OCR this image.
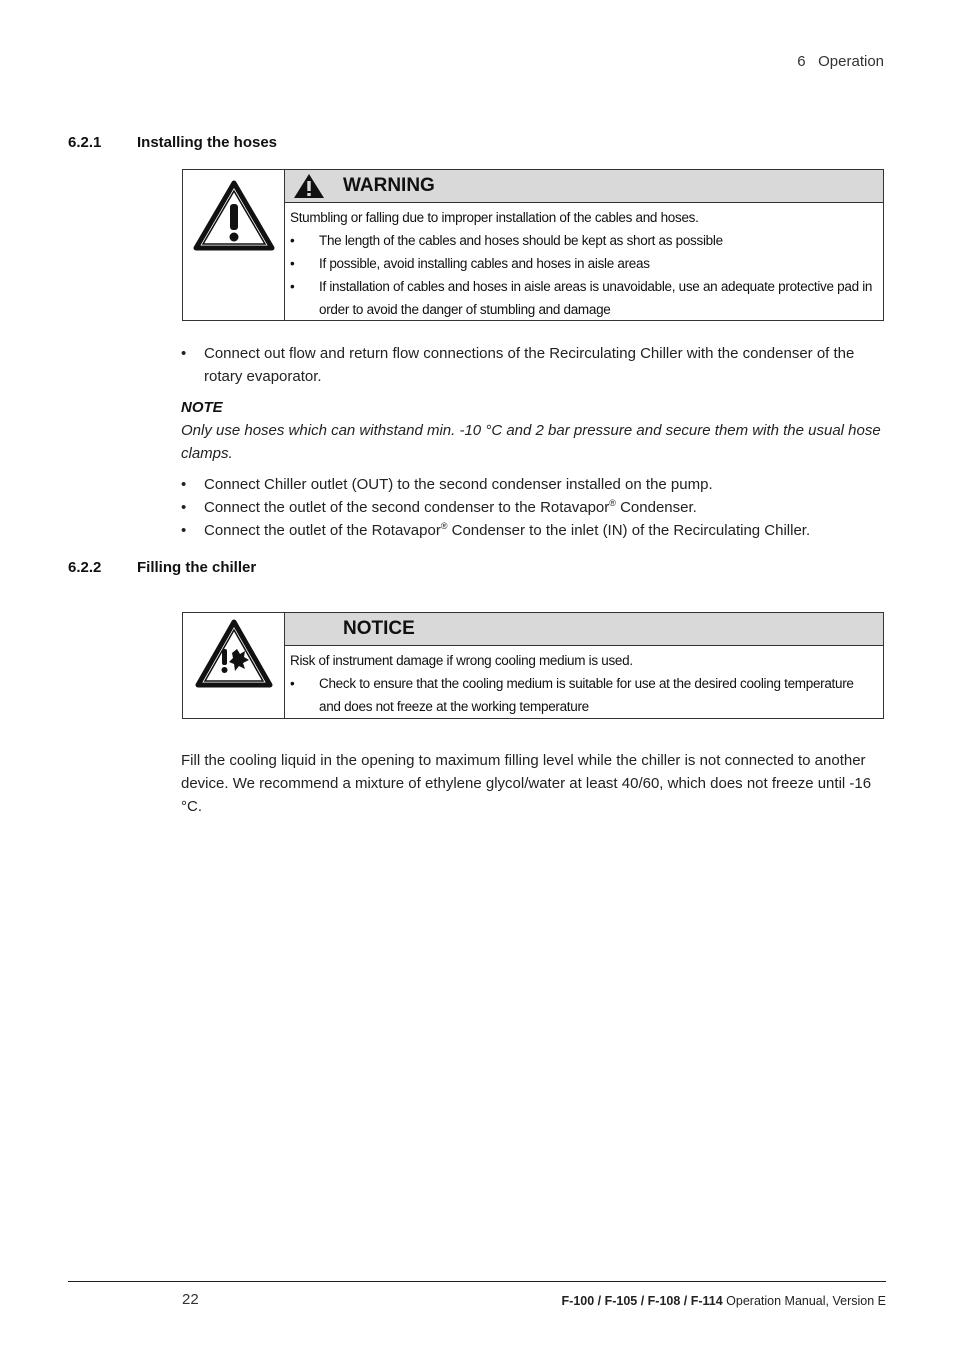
6 Operation
6.2.1 Installing the hoses
WARNING
Stumbling or falling due to improper installation of the cables and hoses.
•	The length of the cables and hoses should be kept as short as possible
•	If possible, avoid installing cables and hoses in aisle areas
•	If installation of cables and hoses in aisle areas is unavoidable, use an adequate protective pad in order to avoid the danger of stumbling and damage
•	Connect out flow and return flow connections of the Recirculating Chiller with the condenser of the rotary evaporator.
NOTE
Only use hoses which can withstand min. -10 °C and 2 bar pressure and secure them with the usual hose clamps.
•	Connect Chiller outlet (OUT) to the second condenser installed on the pump.
•	Connect the outlet of the second condenser to the Rotavapor® Condenser.
•	Connect the outlet of the Rotavapor® Condenser to the inlet (IN) of the Recirculating Chiller.
6.2.2 Filling the chiller
NOTICE
Risk of instrument damage if wrong cooling medium is used.
•	Check to ensure that the cooling medium is suitable for use at the desired cooling temperature and does not freeze at the working temperature
Fill the cooling liquid in the opening to maximum filling level while the chiller is not connected to another device. We recommend a mixture of ethylene glycol/water at least 40/60, which does not freeze until -16 °C.
22	F-100 / F-105 / F-108 / F-114 Operation Manual, Version E
